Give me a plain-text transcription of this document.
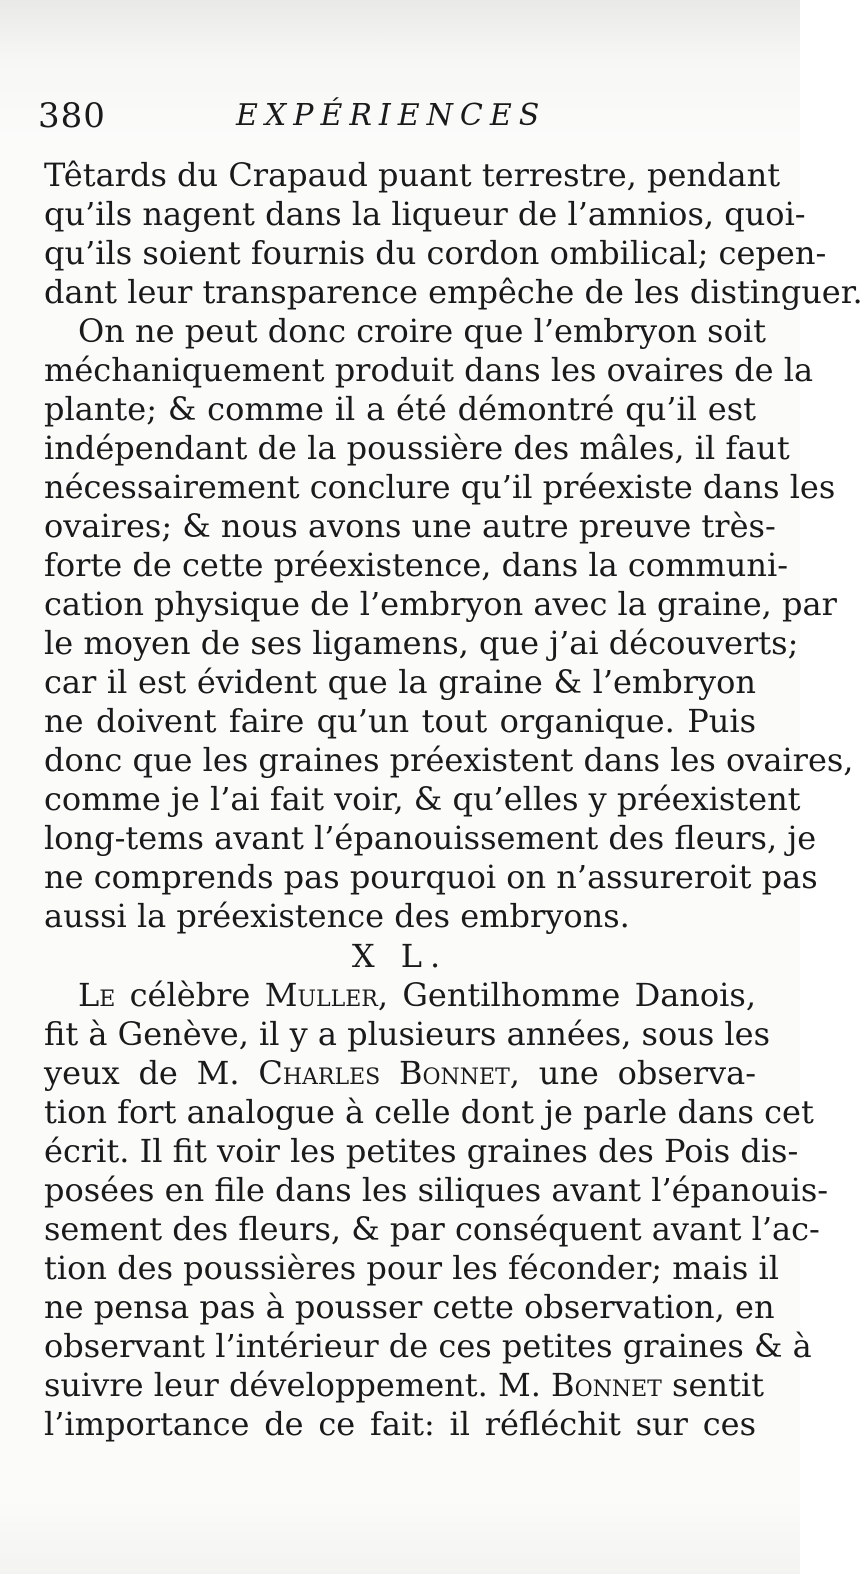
380	EXPÉRIENCES
Têtards du Crapaud puant terrestre, pendant
qu’ils nagent dans la liqueur de l’amnios, quoi-
qu’ils soient fournis du cordon ombilical; cepen-
dant leur transparence empêche de les distinguer.
On ne peut donc croire que l’embryon soit
méchaniquement produit dans les ovaires de la
plante; & comme il a été démontré qu’il est
indépendant de la poussière des mâles, il faut
nécessairement conclure qu’il préexiste dans les
ovaires; & nous avons une autre preuve très-
forte de cette préexistence, dans la communi-
cation physique de l’embryon avec la graine, par
le moyen de ses ligamens, que j’ai découverts;
car il est évident que la graine & l’embryon
ne doivent faire qu’un tout organique. Puis
donc que les graines préexistent dans les ovaires,
comme je l’ai fait voir, & qu’elles y préexistent
long-tems avant l’épanouissement des fleurs, je
ne comprends pas pourquoi on n’assureroit pas
aussi la préexistence des embryons.
X L.
Le célèbre Muller, Gentilhomme Danois,
fit à Genève, il y a plusieurs années, sous les
yeux de M. Charles Bonnet, une observa-
tion fort analogue à celle dont je parle dans cet
écrit. Il fit voir les petites graines des Pois dis-
posées en file dans les siliques avant l’épanouis-
sement des fleurs, & par conséquent avant l’ac-
tion des poussières pour les féconder; mais il
ne pensa pas à pousser cette observation, en
observant l’intérieur de ces petites graines & à
suivre leur développement. M. Bonnet sentit
l’importance de ce fait: il réfléchit sur ces
